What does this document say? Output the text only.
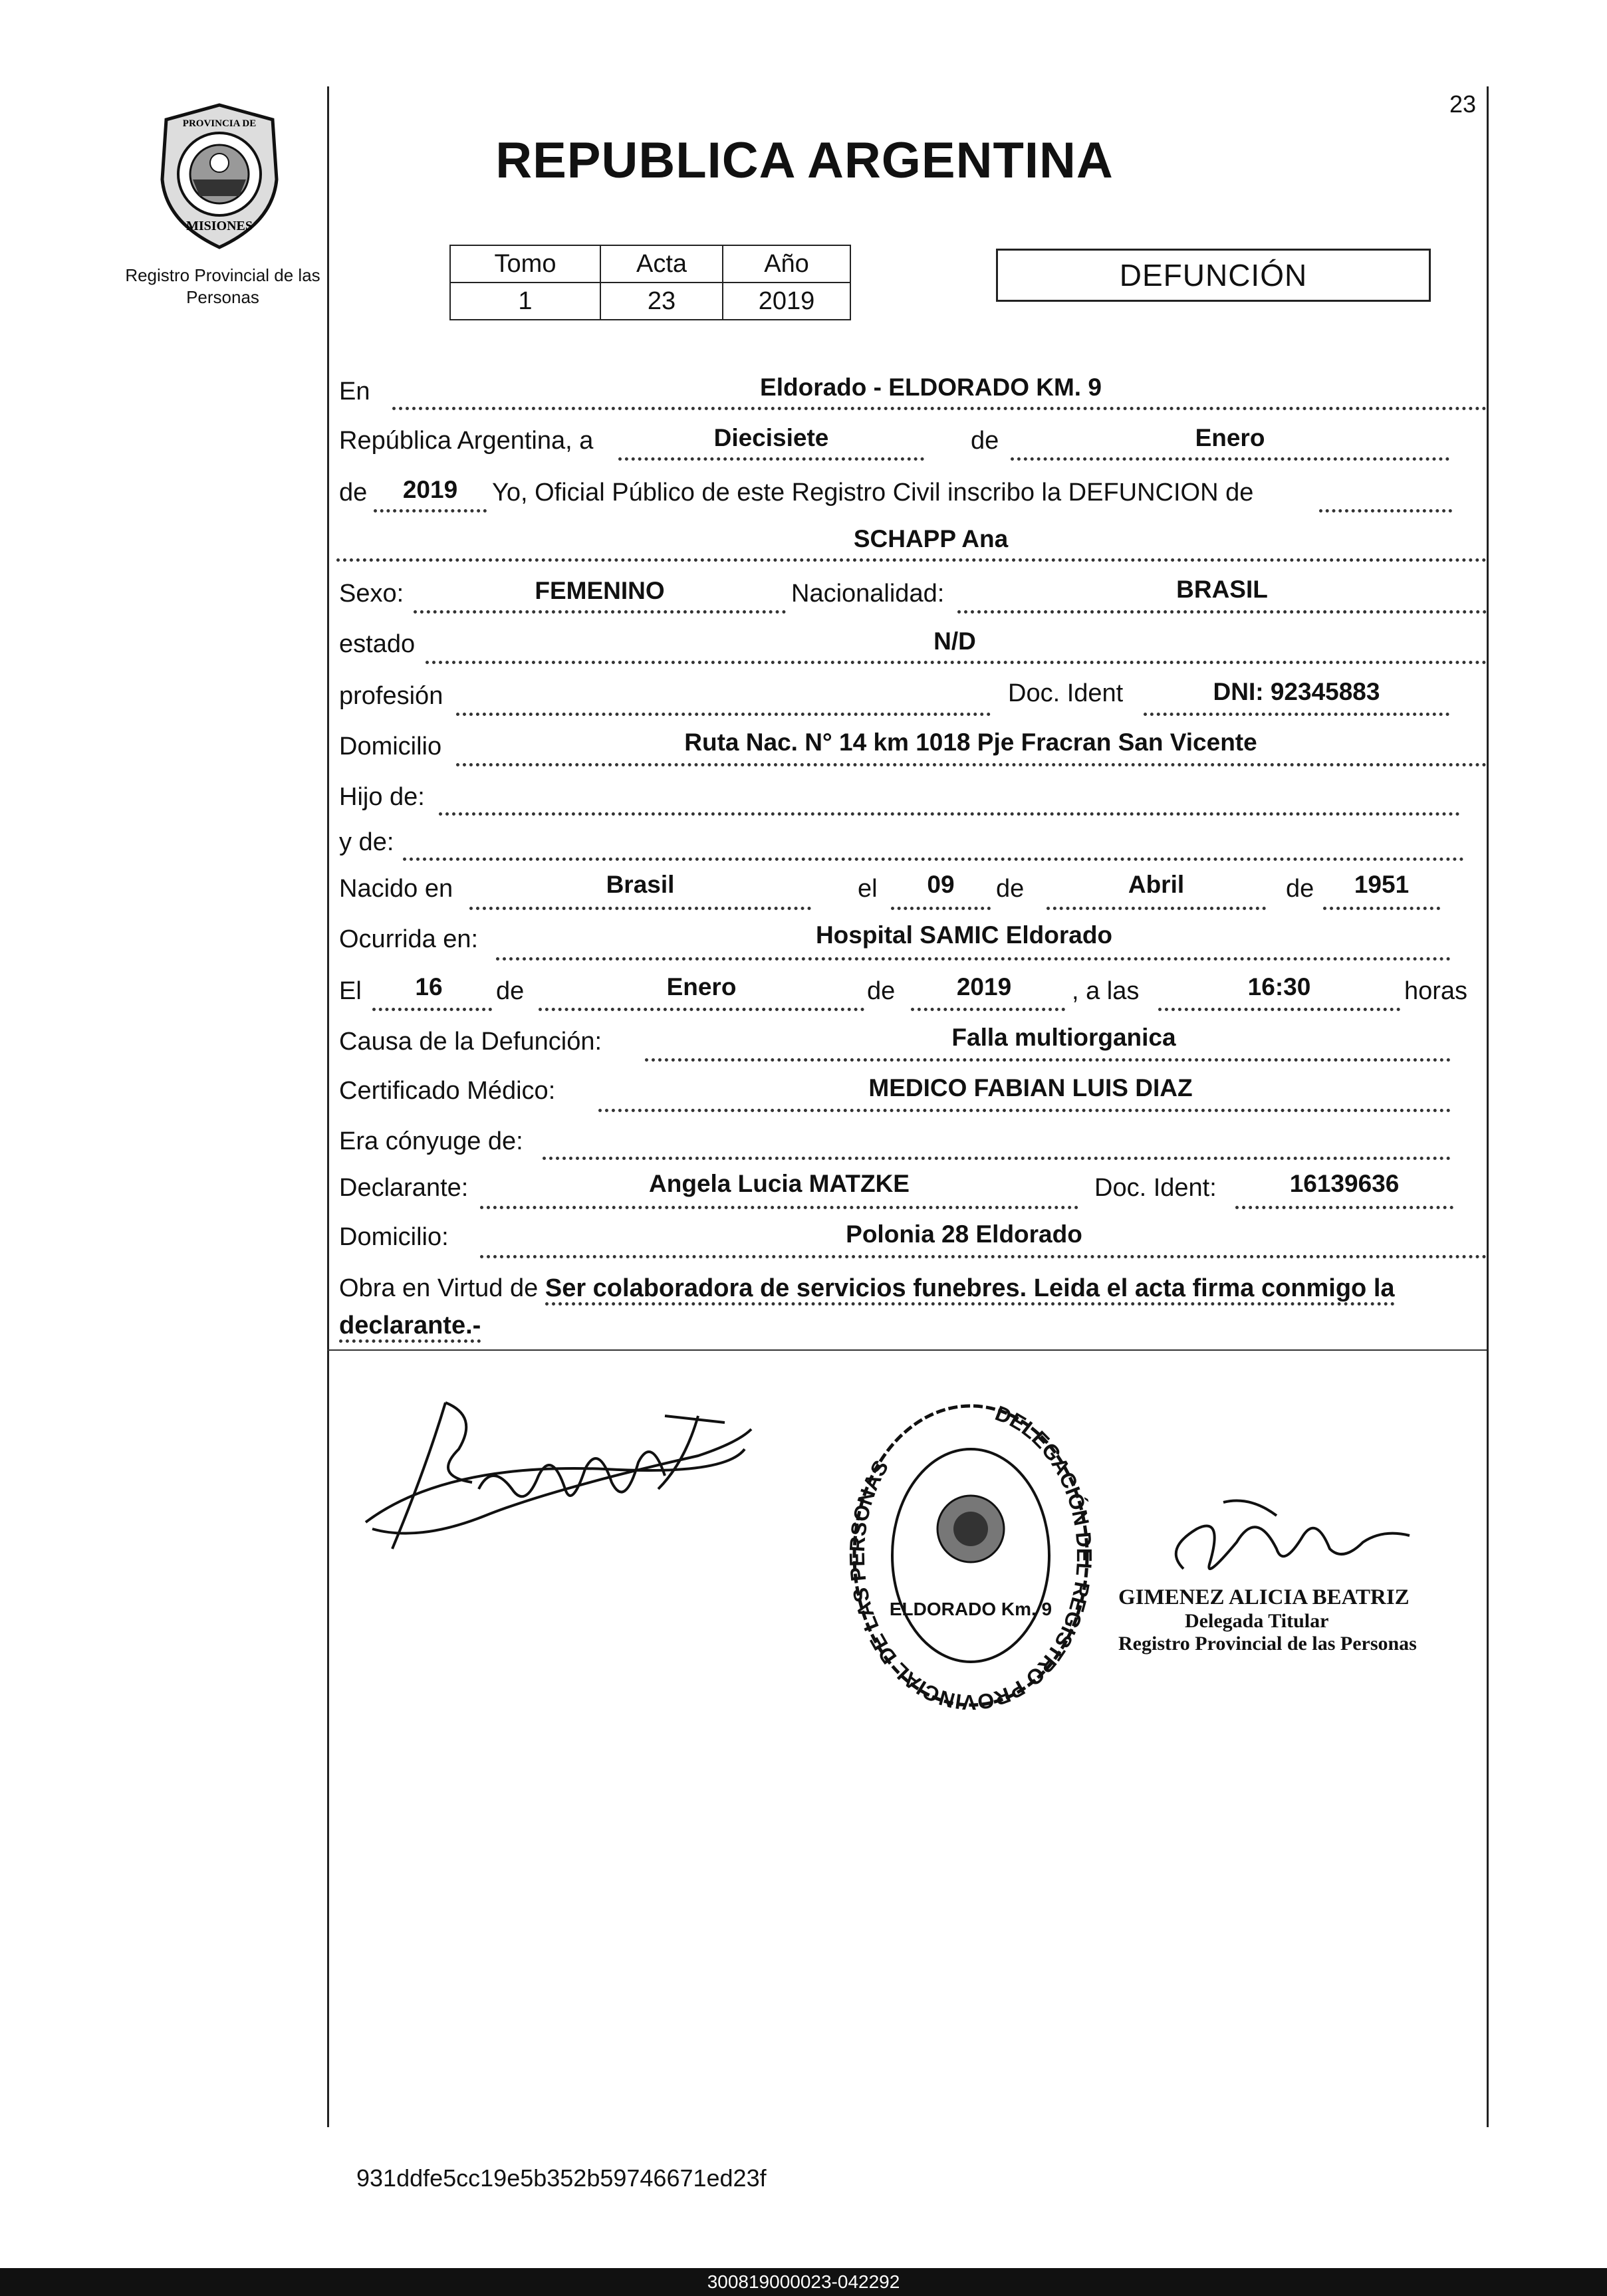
PROVINCIA DE
MISIONES
Registro Provincial de las Personas
23
REPUBLICA ARGENTINA
Tomo	Acta	Año
1	23	2019
DEFUNCIÓN
En	Eldorado - ELDORADO KM. 9
República Argentina, a	Diecisiete	de	Enero
de	2019	Yo, Oficial Público de este Registro Civil inscribo la DEFUNCION de
SCHAPP Ana
Sexo:	FEMENINO	Nacionalidad:	BRASIL
estado	N/D
profesión	Doc. Ident	DNI: 92345883
Domicilio	Ruta Nac. N° 14 km 1018 Pje Fracran San Vicente
Hijo de:
y de:
Nacido en	Brasil	el	09	de	Abril	de	1951
Ocurrida en:	Hospital SAMIC Eldorado
El	16	de	Enero	de	2019	, a las	16:30	horas
Causa de la Defunción:	Falla multiorganica
Certificado Médico:	MEDICO FABIAN LUIS DIAZ
Era cónyuge de:
Declarante:	Angela Lucia MATZKE	Doc. Ident:	16139636
Domicilio:	Polonia 28 Eldorado
Obra en Virtud de Ser colaboradora de servicios funebres. Leida el acta firma conmigo la declarante.-
DELEGACIÓN DEL REGISTRO PROVINCIAL DE LAS PERSONAS
ELDORADO Km. 9	GIMENEZ ALICIA BEATRIZ
Delegada Titular
Registro Provincial de las Personas
931ddfe5cc19e5b352b59746671ed23f
300819000023-042292
